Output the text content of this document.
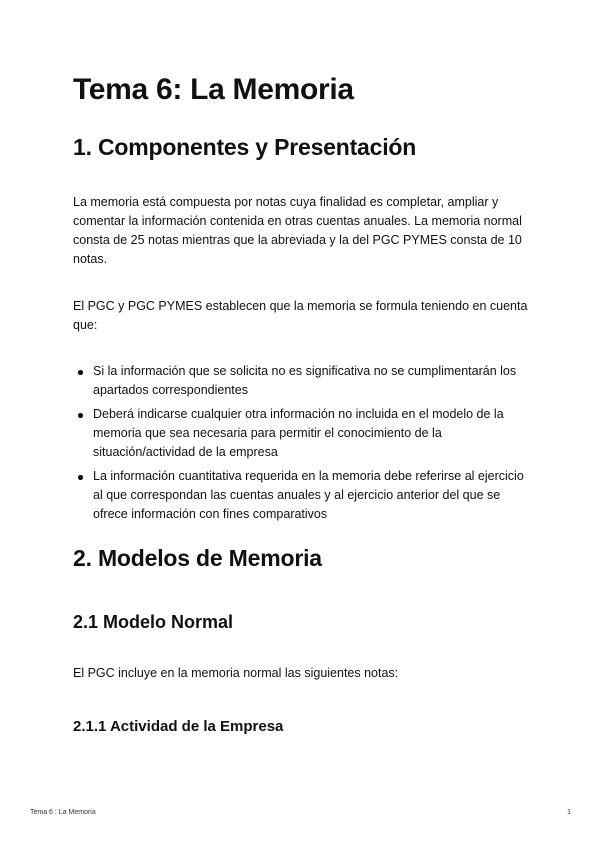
Tema 6: La Memoria
1. Componentes y Presentación

La memoria está compuesta por notas cuya finalidad es completar, ampliar y comentar la información contenida en otras cuentas anuales. La memoria normal consta de 25 notas mientras que la abreviada y la del PGC PYMES consta de 10 notas.

El PGC y PGC PYMES establecen que la memoria se formula teniendo en cuenta que:

Si la información que se solicita no es significativa no se cumplimentarán los apartados correspondientes
Deberá indicarse cualquier otra información no incluida en el modelo de la memoria que sea necesaria para permitir el conocimiento de la situación/actividad de la empresa
La información cuantitativa requerida en la memoria debe referirse al ejercicio al que correspondan las cuentas anuales y al ejercicio anterior del que se ofrece información con fines comparativos
2. Modelos de Memoria
2.1 Modelo Normal

El PGC incluye en la memoria normal las siguientes notas:

2.1.1 Actividad de la Empresa
Tema 6 : La Memoria	1
